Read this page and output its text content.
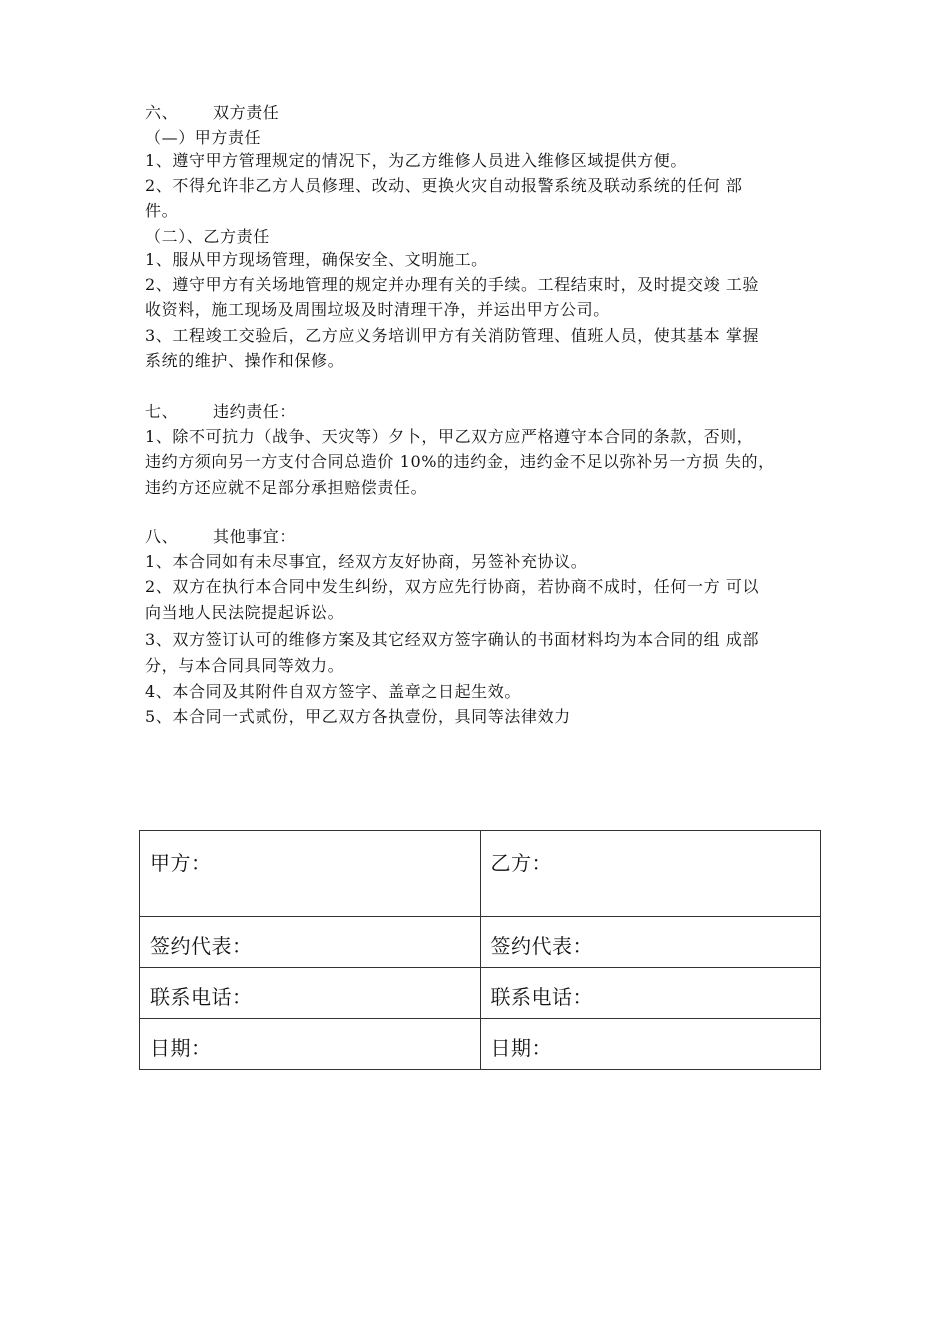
六、 双方责任
（—）甲方责任
1、遵守甲方管理规定的情况下，为乙方维修人员进入维修区域提供方便。
2、不得允许非乙方人员修理、改动、更换火灾自动报警系统及联动系统的任何 部
件。
（二）、乙方责任
1、服从甲方现场管理，确保安全、文明施工。
2、遵守甲方有关场地管理的规定并办理有关的手续。工程结束时，及时提交竣 工验
收资料，施工现场及周围垃圾及时清理干净，并运出甲方公司。
3、工程竣工交验后，乙方应义务培训甲方有关消防管理、值班人员，使其基本 掌握
系统的维护、操作和保修。
七、 违约责任：
1、除不可抗力（战争、天灾等）夕卜，甲乙双方应严格遵守本合同的条款，否则，
违约方须向另一方支付合同总造价 10%的违约金，违约金不足以弥补另一方损 失的，
违约方还应就不足部分承担赔偿责任。
八、 其他事宜：
1、本合同如有未尽事宜，经双方友好协商，另签补充协议。
2、双方在执行本合同中发生纠纷，双方应先行协商，若协商不成时，任何一方 可以
向当地人民法院提起诉讼。
3、双方签订认可的维修方案及其它经双方签字确认的书面材料均为本合同的组 成部
分，与本合同具同等效力。
4、本合同及其附件自双方签字、盖章之日起生效。
5、本合同一式贰份，甲乙双方各执壹份，具同等法律效力
甲方：	乙方：
签约代表：	签约代表：
联系电话：	联系电话：
日期：	日期：
